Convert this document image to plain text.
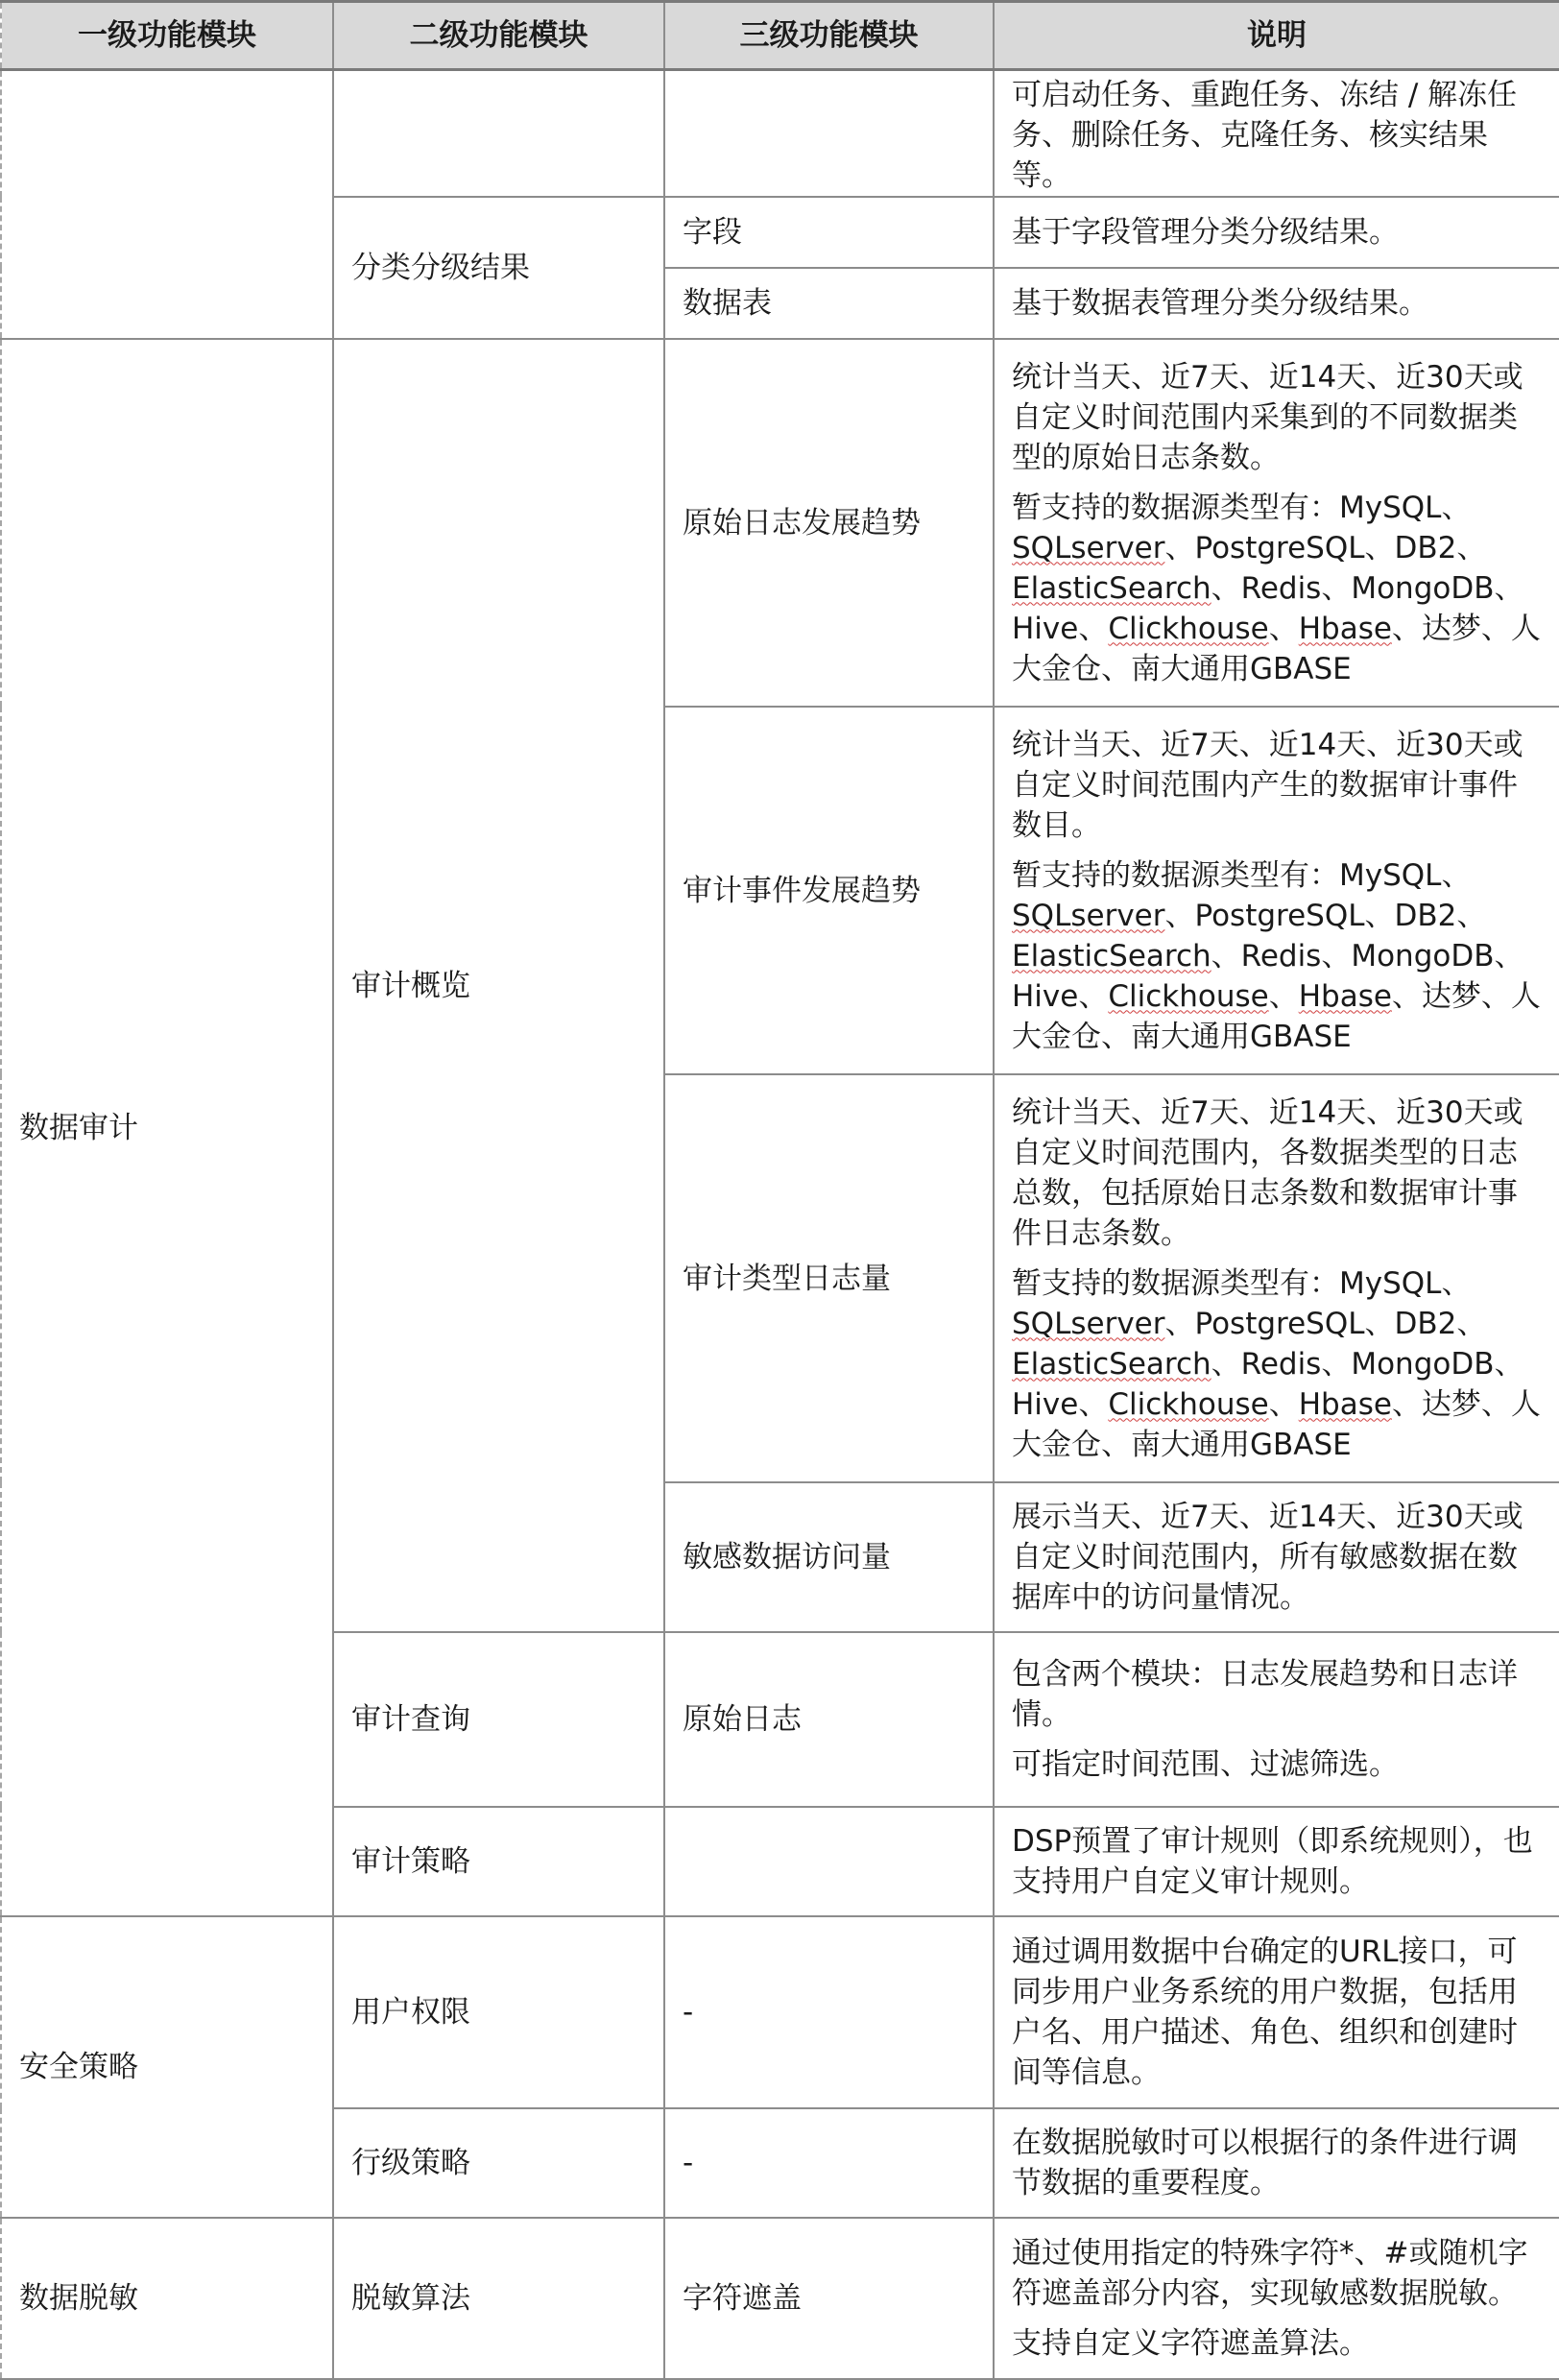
一级功能模块	二级功能模块	三级功能模块	说明

			可启动任务、重跑任务、冻结 / 解冻任务、删除任务、克隆任务、核实结果等。

	分类分级结果	字段	基于字段管理分类分级结果。
		数据表	基于数据表管理分类分级结果。
数据审计	审计概览	原始日志发展趋势	统计当天、近7天、近14天、近30天或自定义时间范围内采集到的不同数据类型的原始日志条数。

暂支持的数据源类型有：MySQL、SQLserver、PostgreSQL、DB2、ElasticSearch、Redis、MongoDB、Hive、Clickhouse、Hbase、达梦、人大金仓、南大通用GBASE

		审计事件发展趋势	统计当天、近7天、近14天、近30天或自定义时间范围内产生的数据审计事件数目。

暂支持的数据源类型有：MySQL、SQLserver、PostgreSQL、DB2、ElasticSearch、Redis、MongoDB、Hive、Clickhouse、Hbase、达梦、人大金仓、南大通用GBASE

		审计类型日志量	统计当天、近7天、近14天、近30天或自定义时间范围内，各数据类型的日志总数，包括原始日志条数和数据审计事件日志条数。

暂支持的数据源类型有：MySQL、SQLserver、PostgreSQL、DB2、ElasticSearch、Redis、MongoDB、Hive、Clickhouse、Hbase、达梦、人大金仓、南大通用GBASE

		敏感数据访问量	展示当天、近7天、近14天、近30天或自定义时间范围内，所有敏感数据在数据库中的访问量情况。

	审计查询	原始日志	包含两个模块：日志发展趋势和日志详情。

可指定时间范围、过滤筛选。

	审计策略		DSP预置了审计规则（即系统规则），也支持用户自定义审计规则。

安全策略	用户权限	-	通过调用数据中台确定的URL接口，可同步用户业务系统的用户数据，包括用户名、用户描述、角色、组织和创建时间等信息。

	行级策略	-	在数据脱敏时可以根据行的条件进行调节数据的重要程度。

数据脱敏	脱敏算法	字符遮盖	通过使用指定的特殊字符*、#或随机字符遮盖部分内容，实现敏感数据脱敏。

支持自定义字符遮盖算法。
